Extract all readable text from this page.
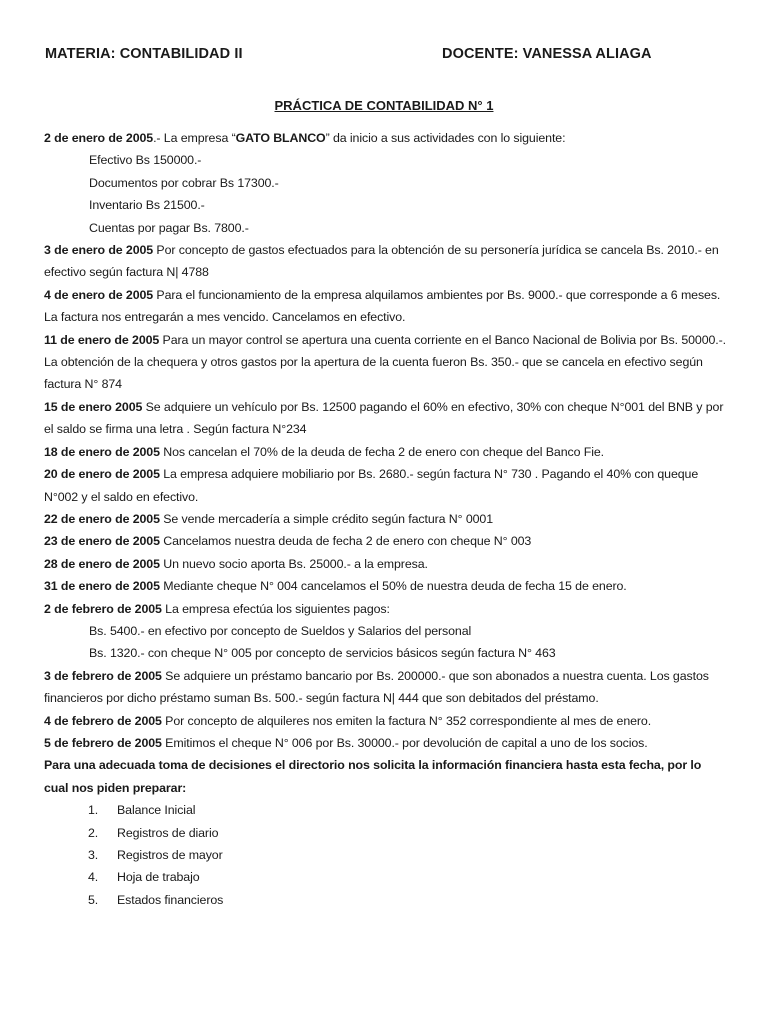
MATERIA: CONTABILIDAD II	DOCENTE: VANESSA ALIAGA
PRÁCTICA DE CONTABILIDAD N° 1

2 de enero de 2005.- La empresa “GATO BLANCO” da inicio a sus actividades con lo siguiente:

Efectivo Bs 150000.-

Documentos por cobrar Bs 17300.-

Inventario Bs 21500.-

Cuentas por pagar Bs. 7800.-

3 de enero de 2005 Por concepto de gastos efectuados para la obtención de su personería jurídica se cancela Bs. 2010.- en efectivo según factura N| 4788

4 de enero de 2005 Para el funcionamiento de la empresa alquilamos ambientes por Bs. 9000.- que corresponde a 6 meses. La factura nos entregarán a mes vencido. Cancelamos en efectivo.

11 de enero de 2005 Para un mayor control se apertura una cuenta corriente en el Banco Nacional de Bolivia por Bs. 50000.-. La obtención de la chequera y otros gastos por la apertura de la cuenta fueron Bs. 350.- que se cancela en efectivo según factura N° 874

15 de enero 2005 Se adquiere un vehículo por Bs. 12500 pagando el 60% en efectivo, 30% con cheque N°001 del BNB y por el saldo se firma una letra . Según factura N°234

18 de enero de 2005 Nos cancelan el 70% de la deuda de fecha 2 de enero con cheque del Banco Fie.

20 de enero de 2005 La empresa adquiere mobiliario por Bs. 2680.- según factura N° 730 . Pagando el 40% con queque N°002 y el saldo en efectivo.

22 de enero de 2005 Se vende mercadería a simple crédito según factura N° 0001

23 de enero de 2005 Cancelamos nuestra deuda de fecha 2 de enero con cheque N° 003

28 de enero de 2005 Un nuevo socio aporta Bs. 25000.- a la empresa.

31 de enero de 2005 Mediante cheque N° 004 cancelamos el 50% de nuestra deuda de fecha 15 de enero.

2 de febrero de 2005 La empresa efectúa los siguientes pagos:

Bs. 5400.- en efectivo por concepto de Sueldos y Salarios del personal

Bs. 1320.- con cheque N° 005 por concepto de servicios básicos según factura N° 463

3 de febrero de 2005 Se adquiere un préstamo bancario por Bs. 200000.- que son abonados a nuestra cuenta. Los gastos financieros por dicho préstamo suman Bs. 500.- según factura N| 444 que son debitados del préstamo.

4 de febrero de 2005 Por concepto de alquileres nos emiten la factura N° 352 correspondiente al mes de enero.

5 de febrero de 2005 Emitimos el cheque N° 006 por Bs. 30000.- por devolución de capital a uno de los socios.

Para una adecuada toma de decisiones el directorio nos solicita la información financiera hasta esta fecha, por lo cual nos piden preparar:

1.	Balance Inicial
2.	Registros de diario
3.	Registros de mayor
4.	Hoja de trabajo
5.	Estados financieros
